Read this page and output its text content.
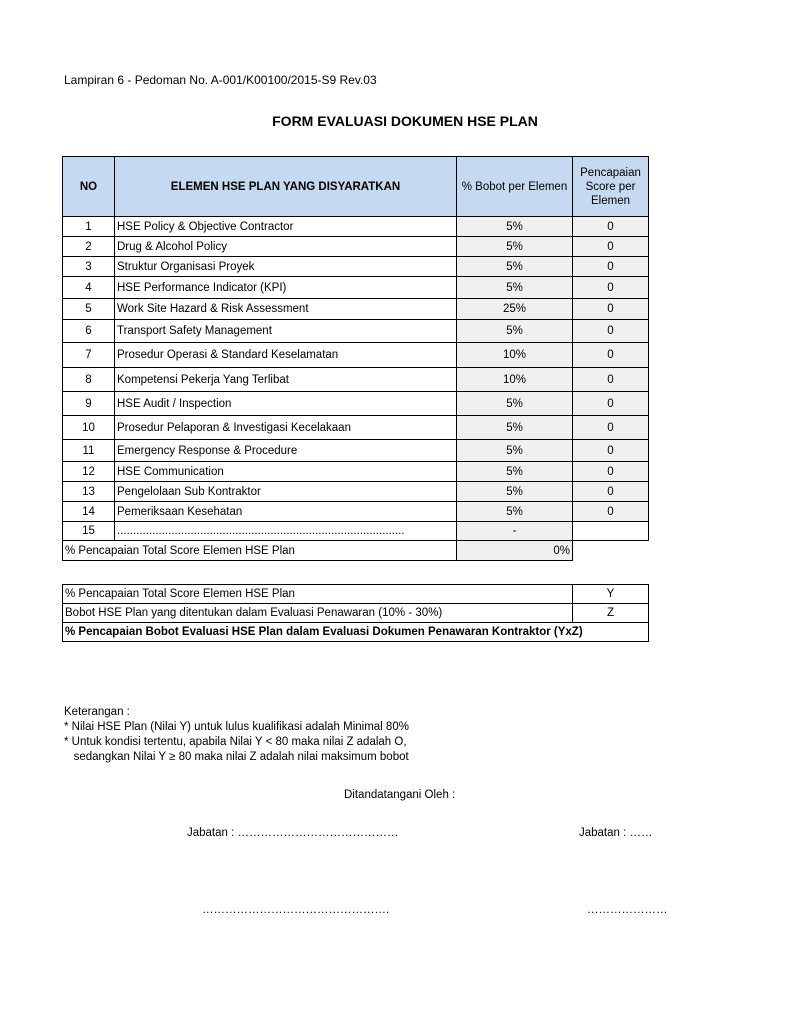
Lampiran 6 - Pedoman No. A-001/K00100/2015-S9 Rev.03
FORM EVALUASI DOKUMEN HSE PLAN
NO	ELEMEN HSE PLAN YANG DISYARATKAN	% Bobot per Elemen	Pencapaian Score per Elemen
1	HSE Policy & Objective Contractor	5%	0
2	Drug & Alcohol Policy	5%	0
3	Struktur Organisasi Proyek	5%	0
4	HSE Performance Indicator (KPI)	5%	0
5	Work Site Hazard & Risk Assessment	25%	0
6	Transport Safety Management	5%	0
7	Prosedur Operasi & Standard Keselamatan	10%	0
8	Kompetensi Pekerja Yang Terlibat	10%	0
9	HSE Audit / Inspection	5%	0
10	Prosedur Pelaporan & Investigasi Kecelakaan	5%	0
11	Emergency Response & Procedure	5%	0
12	HSE Communication	5%	0
13	Pengelolaan Sub Kontraktor	5%	0
14	Pemeriksaan Kesehatan	5%	0
15	..........................................................................................	-	
% Pencapaian Total Score Elemen HSE Plan		0%	
% Pencapaian Total Score Elemen HSE Plan	Y
Bobot HSE Plan yang ditentukan dalam Evaluasi Penawaran (10% - 30%)	Z
% Pencapaian Bobot Evaluasi HSE Plan dalam Evaluasi Dokumen Penawaran Kontraktor (YxZ)	
Keterangan :
* Nilai HSE Plan (Nilai Y) untuk lulus kualifikasi adalah Minimal 80%
* Untuk kondisi tertentu, apabila Nilai Y < 80 maka nilai Z adalah O,
sedangkan Nilai Y ≥ 80 maka nilai Z adalah nilai maksimum bobot
Ditandatangani Oleh :
Jabatan : ……………………………………	Jabatan : ……
………………………………………….	…………………
